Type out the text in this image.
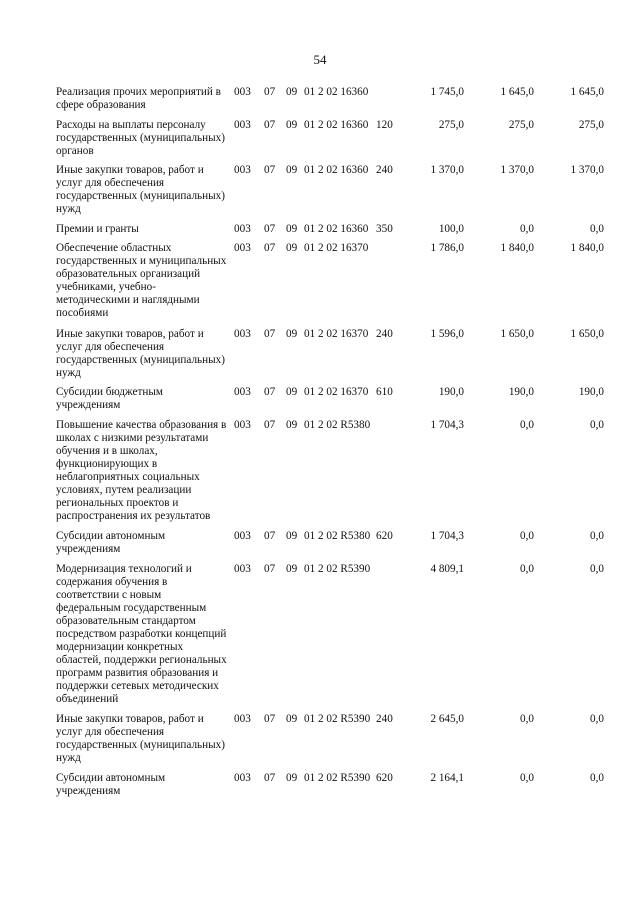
54
Реализация прочих мероприятий в сфере образования
003	07 09 01 2 02 16360	1 745,0	1 645,0	1 645,0
Расходы на выплаты персоналу государственных (муниципальных) органов
003	07 09 01 2 02 16360 120	275,0	275,0	275,0
Иные закупки товаров, работ и услуг для обеспечения государственных (муниципальных) нужд
003	07 09 01 2 02 16360 240	1 370,0	1 370,0	1 370,0
Премии и гранты	003	07 09 01 2 02 16360 350	100,0	0,0	0,0
Обеспечение областных государственных и муниципальных образовательных организаций учебниками, учебно-методическими и наглядными пособиями
003	07 09 01 2 02 16370	1 786,0	1 840,0	1 840,0
Иные закупки товаров, работ и услуг для обеспечения государственных (муниципальных) нужд
003	07 09 01 2 02 16370 240	1 596,0	1 650,0	1 650,0
Субсидии бюджетным учреждениям
003	07 09 01 2 02 16370 610	190,0	190,0	190,0
Повышение качества образования в школах с низкими результатами обучения и в школах, функционирующих в неблагоприятных социальных условиях, путем реализации региональных проектов и распространения их результатов
003	07 09 01 2 02 R5380	1 704,3	0,0	0,0
Субсидии автономным учреждениям
003	07 09 01 2 02 R5380 620	1 704,3	0,0	0,0
Модернизация технологий и содержания обучения в соответствии с новым федеральным государственным образовательным стандартом посредством разработки концепций модернизации конкретных областей, поддержки региональных программ развития образования и поддержки сетевых методических объединений
003	07 09 01 2 02 R5390	4 809,1	0,0	0,0
Иные закупки товаров, работ и услуг для обеспечения государственных (муниципальных) нужд
003	07 09 01 2 02 R5390 240	2 645,0	0,0	0,0
Субсидии автономным учреждениям
003	07 09 01 2 02 R5390 620	2 164,1	0,0	0,0
